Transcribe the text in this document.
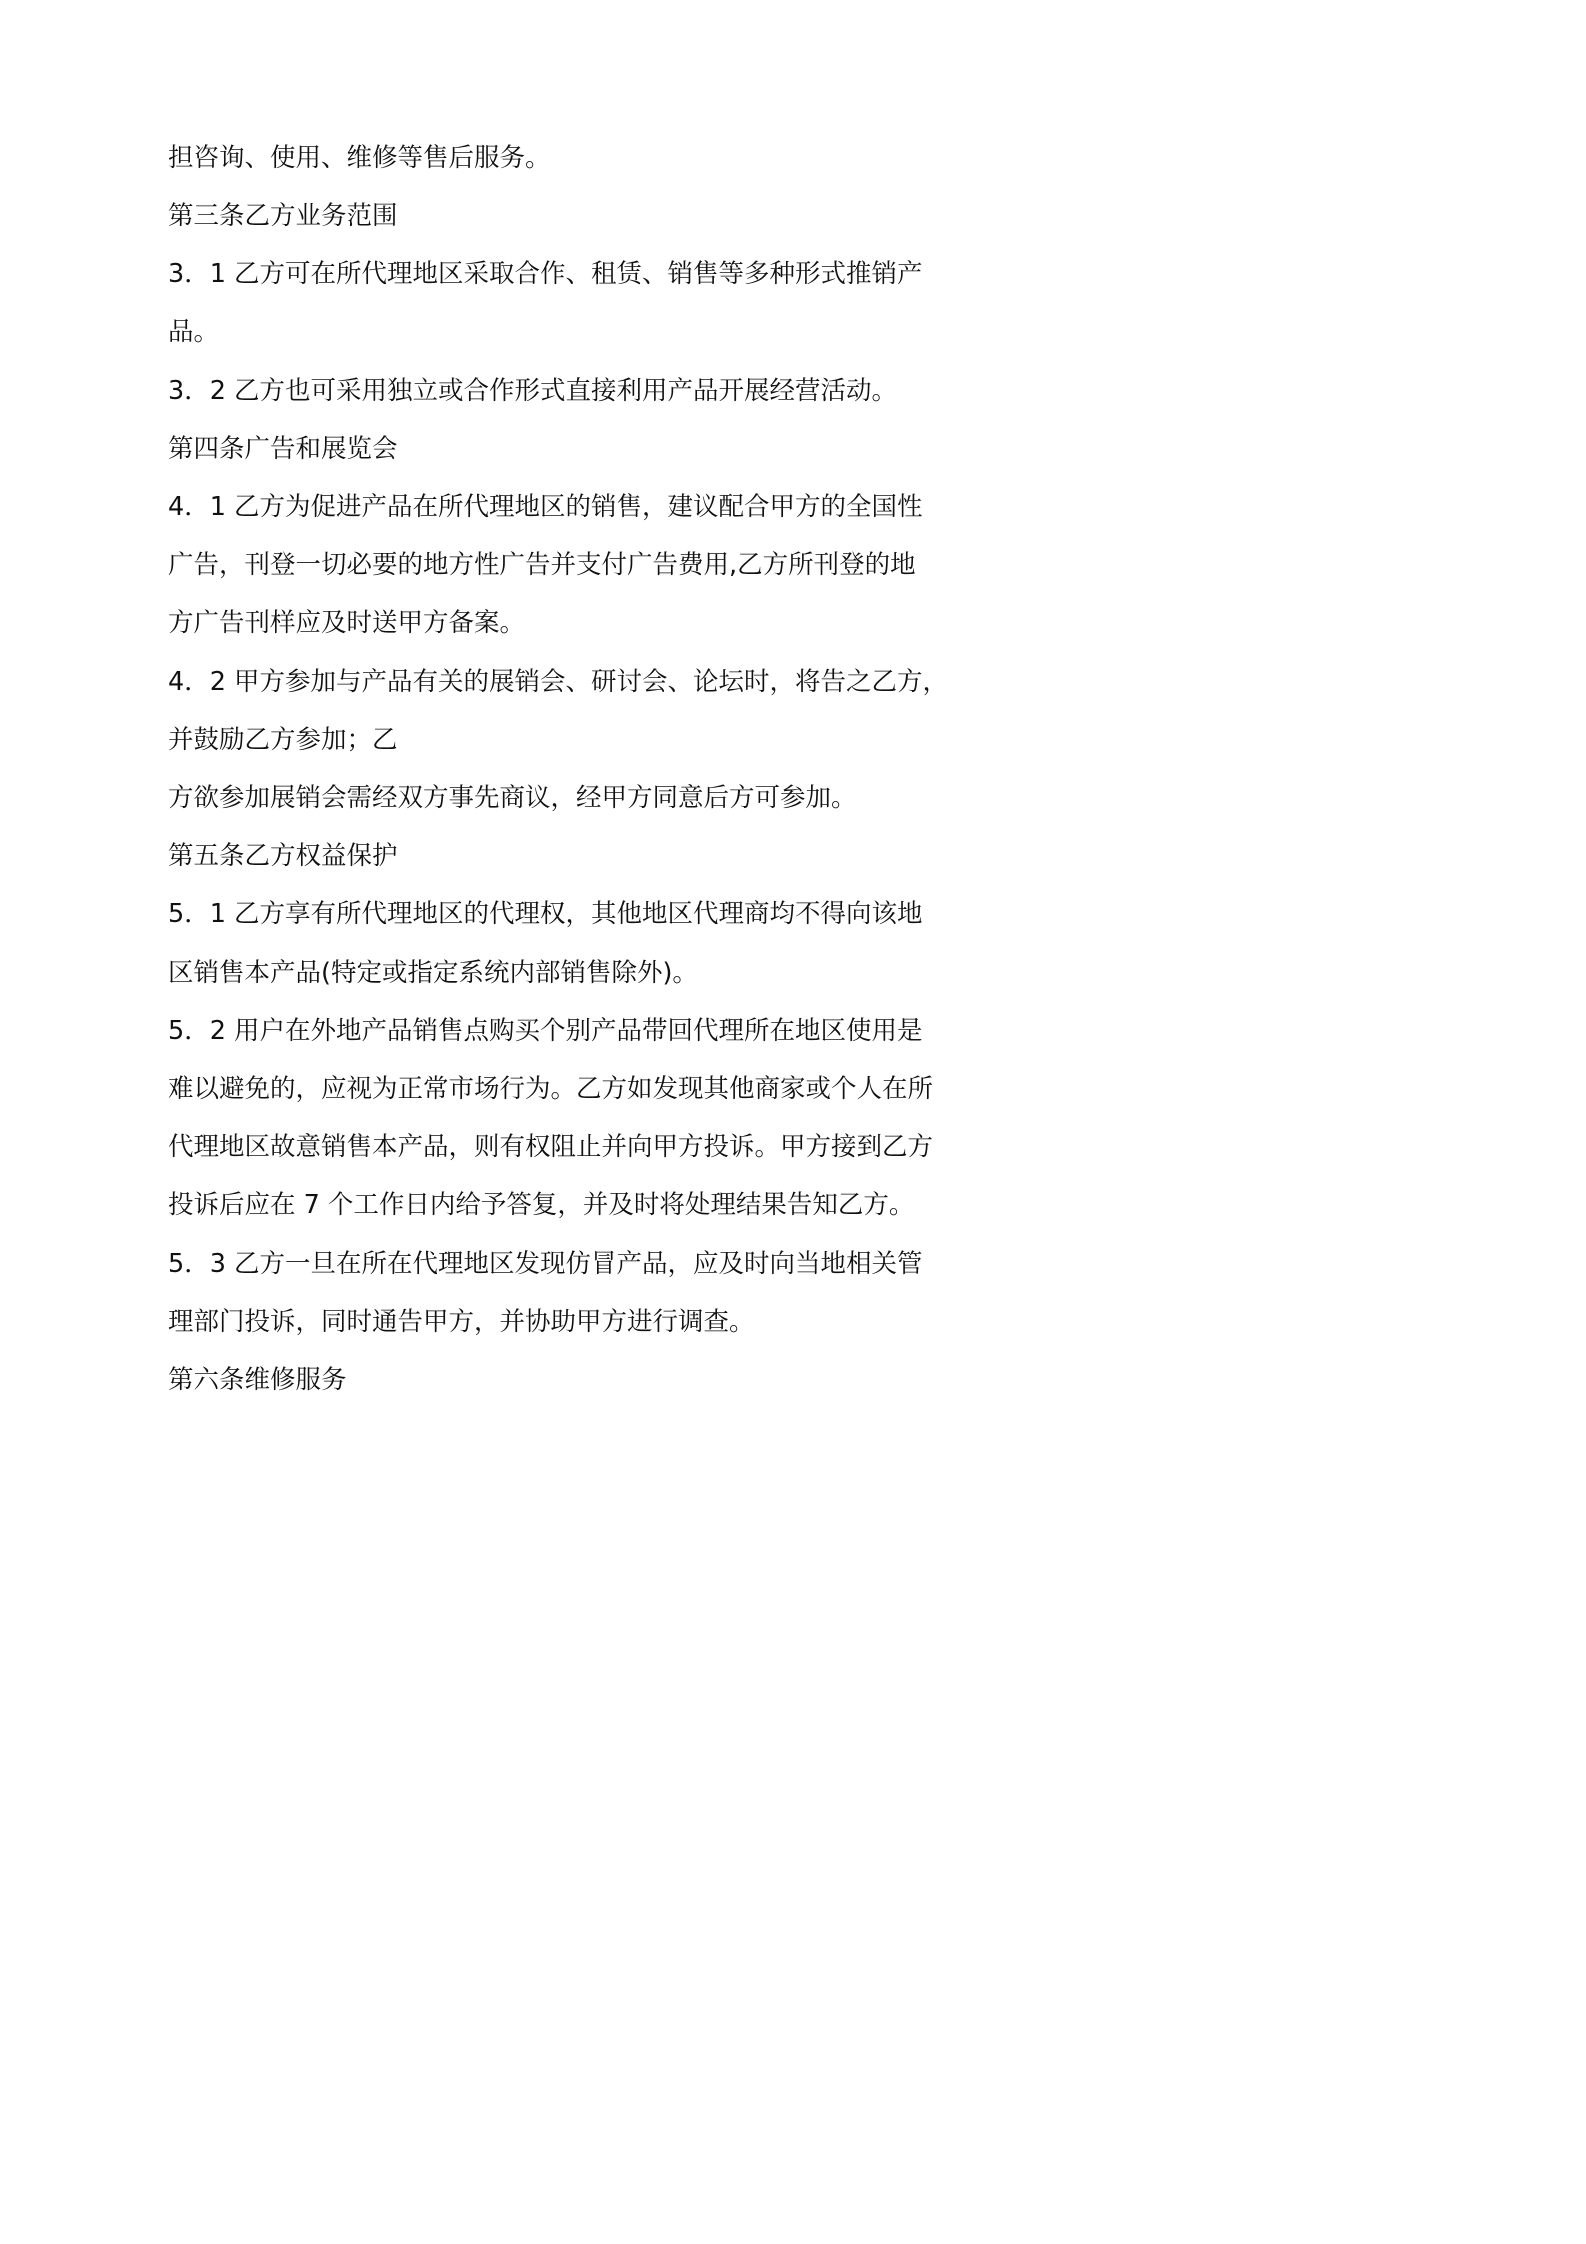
担咨询、使用、维修等售后服务。
第三条乙方业务范围
3．1 乙方可在所代理地区采取合作、租赁、销售等多种形式推销产
品。
3．2 乙方也可采用独立或合作形式直接利用产品开展经营活动。
第四条广告和展览会
4．1 乙方为促进产品在所代理地区的销售，建议配合甲方的全国性
广告，刊登一切必要的地方性广告并支付广告费用,乙方所刊登的地
方广告刊样应及时送甲方备案。
4．2 甲方参加与产品有关的展销会、研讨会、论坛时，将告之乙方，
并鼓励乙方参加；乙
方欲参加展销会需经双方事先商议，经甲方同意后方可参加。
第五条乙方权益保护
5．1 乙方享有所代理地区的代理权，其他地区代理商均不得向该地
区销售本产品(特定或指定系统内部销售除外)。
5．2 用户在外地产品销售点购买个别产品带回代理所在地区使用是
难以避免的，应视为正常市场行为。乙方如发现其他商家或个人在所
代理地区故意销售本产品，则有权阻止并向甲方投诉。甲方接到乙方
投诉后应在 7 个工作日内给予答复，并及时将处理结果告知乙方。
5．3 乙方一旦在所在代理地区发现仿冒产品，应及时向当地相关管
理部门投诉，同时通告甲方，并协助甲方进行调查。
第六条维修服务
